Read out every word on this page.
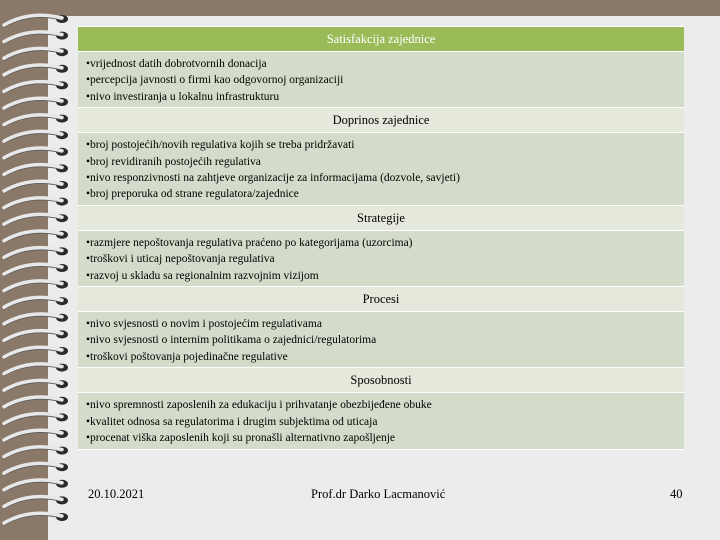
Satisfakcija zajednice

• vrijednost datih dobrotvornih donacija
• percepcija javnosti o firmi kao odgovornoj organizaciji
• nivo investiranja u lokalnu infrastrukturu

Doprinos zajednice

• broj postojećih/novih regulativa kojih se treba pridržavati
• broj revidiranih postojećih regulativa
• nivo responzivnosti na zahtjeve organizacije za informacijama (dozvole, savjeti)
• broj preporuka od strane regulatora/zajednice

Strategije

• razmjere nepoštovanja regulativa praćeno po kategorijama (uzorcima)
• troškovi i uticaj nepoštovanja regulativa
• razvoj u skladu sa regionalnim razvojnim vizijom

Procesi

• nivo svjesnosti o novim i postojećim regulativama
• nivo svjesnosti o internim politikama o zajednici/regulatorima
• troškovi poštovanja pojedinačne regulative

Sposobnosti

• nivo spremnosti zaposlenih za edukaciju i prihvatanje obezbijeđene obuke
• kvalitet odnosa sa regulatorima i drugim subjektima od uticaja
• procenat viška zaposlenih koji su pronašli alternativno zapošljenje
20.10.2021	Prof.dr Darko Lacmanović	40
